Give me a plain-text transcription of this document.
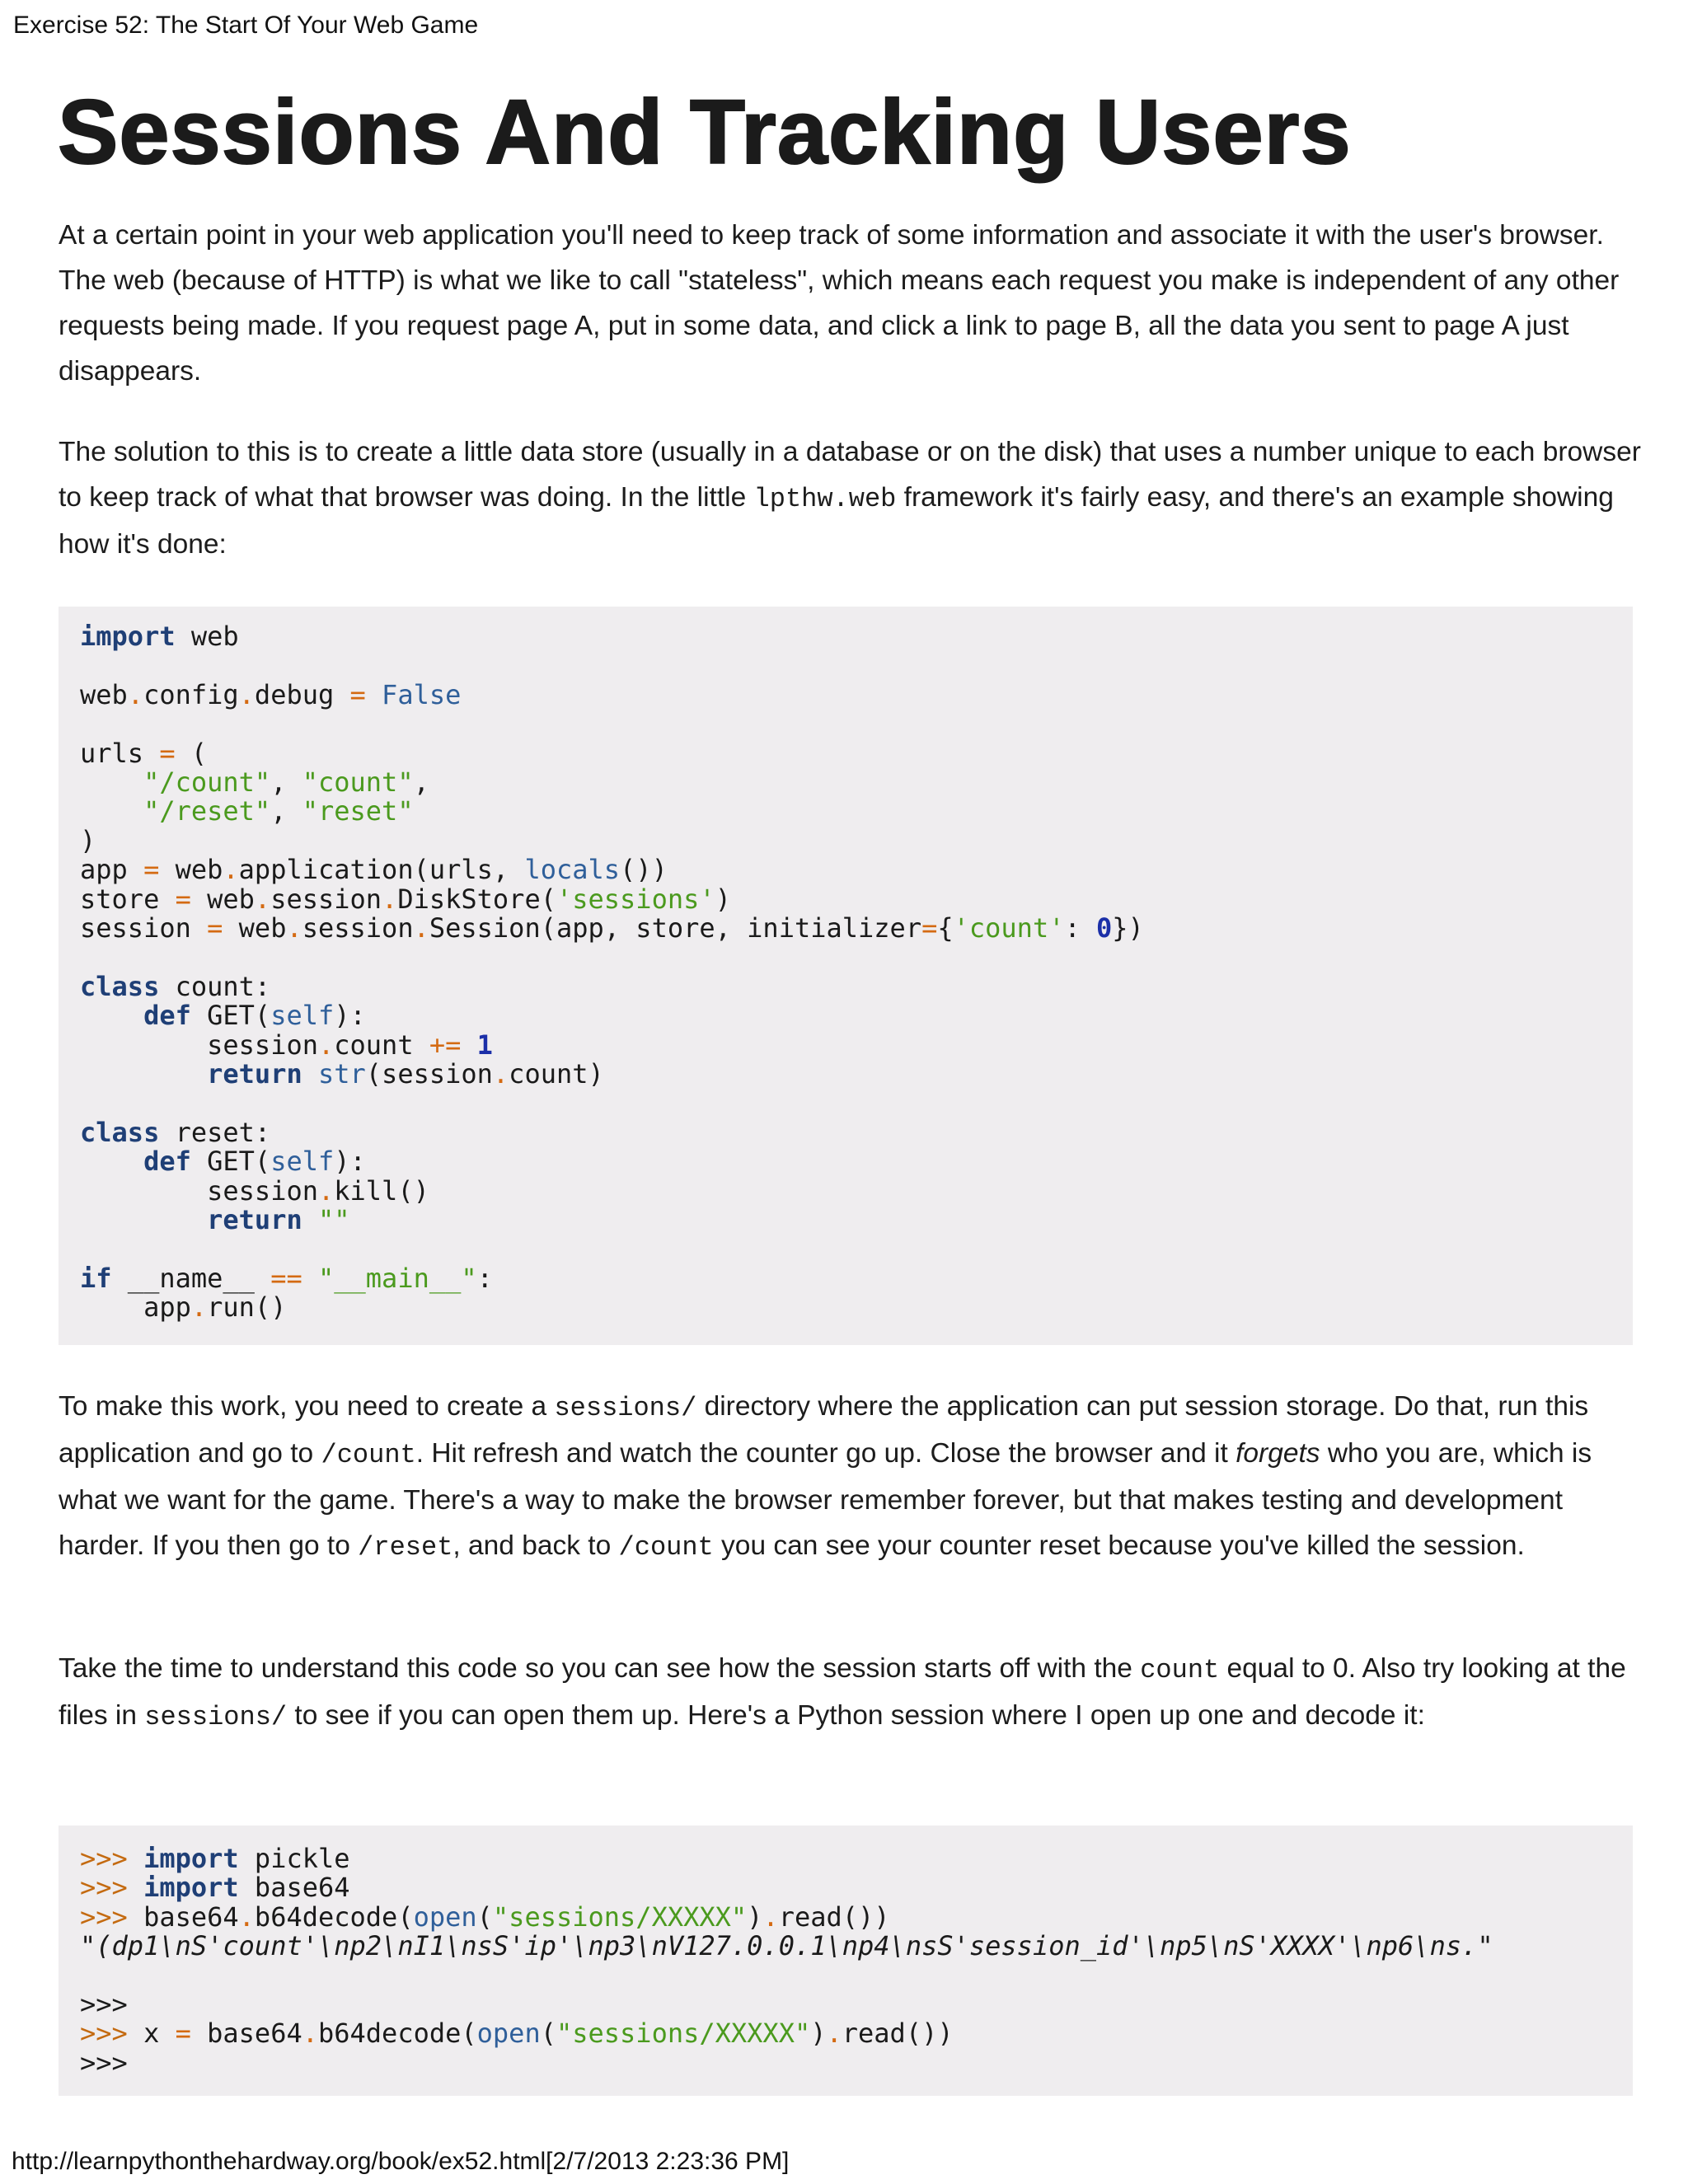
Exercise 52: The Start Of Your Web Game
Sessions And Tracking Users

At a certain point in your web application you'll need to keep track of some information and associate it with the user's browser. The web (because of HTTP) is what we like to call "stateless", which means each request you make is independent of any other requests being made. If you request page A, put in some data, and click a link to page B, all the data you sent to page A just disappears.

The solution to this is to create a little data store (usually in a database or on the disk) that uses a number unique to each browser to keep track of what that browser was doing. In the little lpthw.web framework it's fairly easy, and there's an example showing how it's done:

import web

web.config.debug = False

urls = (
"/count", "count",
"/reset", "reset"
)
app = web.application(urls, locals())
store = web.session.DiskStore('sessions')
session = web.session.Session(app, store, initializer={'count': 0})

class count:
def GET(self):
session.count += 1
return str(session.count)

class reset:
def GET(self):
session.kill()
return ""

if __name__ == "__main__":
app.run()

To make this work, you need to create a sessions/ directory where the application can put session storage. Do that, run this application and go to /count. Hit refresh and watch the counter go up. Close the browser and it forgets who you are, which is what we want for the game. There's a way to make the browser remember forever, but that makes testing and development harder. If you then go to /reset, and back to /count you can see your counter reset because you've killed the session.

Take the time to understand this code so you can see how the session starts off with the count equal to 0. Also try looking at the files in sessions/ to see if you can open them up. Here's a Python session where I open up one and decode it:

>>> import pickle
>>> import base64
>>> base64.b64decode(open("sessions/XXXXX").read())
"(dp1\nS'count'\np2\nI1\nsS'ip'\np3\nV127.0.0.1\np4\nsS'session_id'\np5\nS'XXXX'\np6\ns."

>>>
>>> x = base64.b64decode(open("sessions/XXXXX").read())
>>>
http://learnpythonthehardway.org/book/ex52.html[2/7/2013 2:23:36 PM]
